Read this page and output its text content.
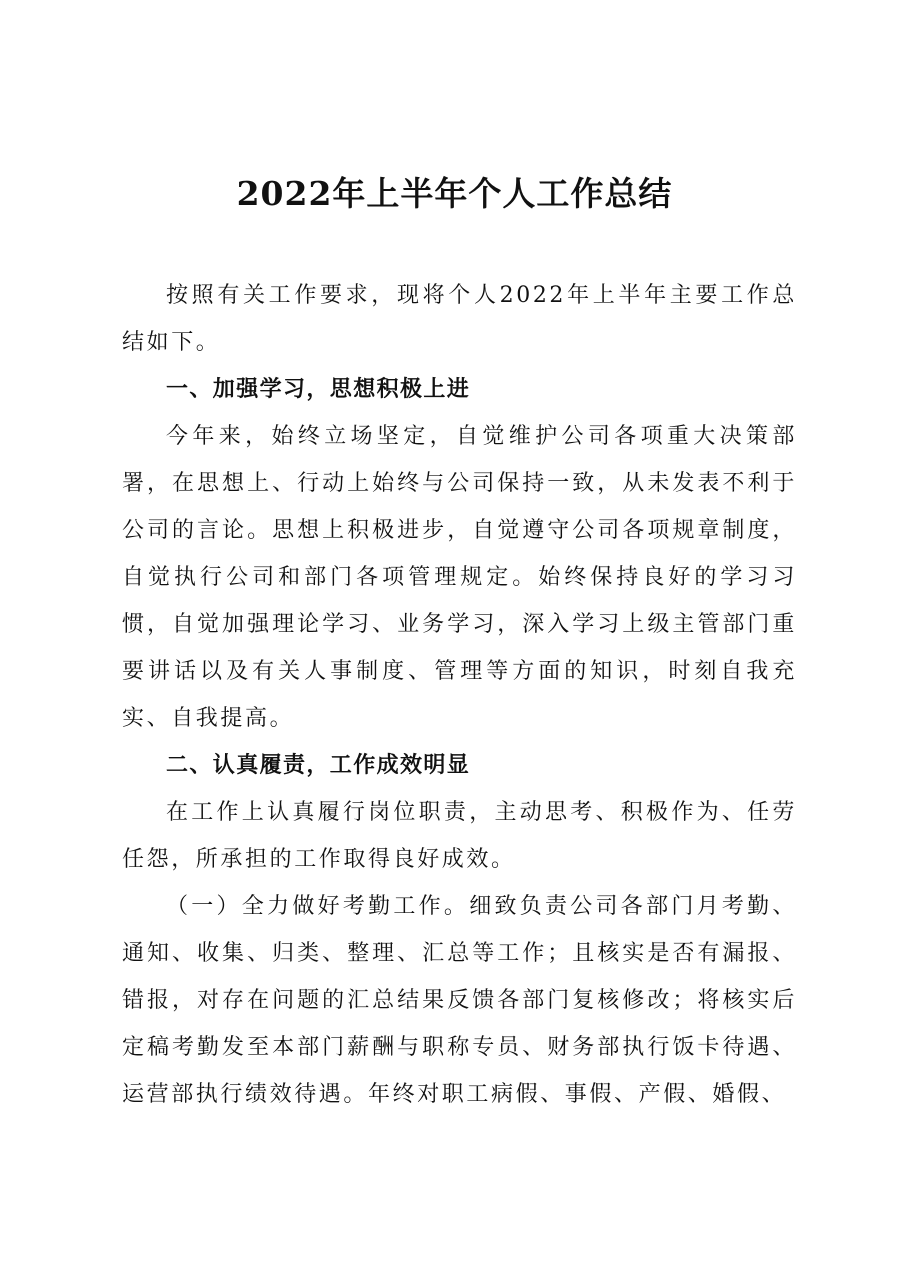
2022年上半年个人工作总结

按照有关工作要求，现将个人2022年上半年主要工作总结如下。

一、加强学习，思想积极上进

今年来，始终立场坚定，自觉维护公司各项重大决策部署，在思想上、行动上始终与公司保持一致，从未发表不利于公司的言论。思想上积极进步，自觉遵守公司各项规章制度，自觉执行公司和部门各项管理规定。始终保持良好的学习习惯，自觉加强理论学习、业务学习，深入学习上级主管部门重要讲话以及有关人事制度、管理等方面的知识，时刻自我充实、自我提高。

二、认真履责，工作成效明显

在工作上认真履行岗位职责，主动思考、积极作为、任劳任怨，所承担的工作取得良好成效。

（一）全力做好考勤工作。细致负责公司各部门月考勤、通知、收集、归类、整理、汇总等工作；且核实是否有漏报、错报，对存在问题的汇总结果反馈各部门复核修改；将核实后定稿考勤发至本部门薪酬与职称专员、财务部执行饭卡待遇、运营部执行绩效待遇。年终对职工病假、事假、产假、婚假、
